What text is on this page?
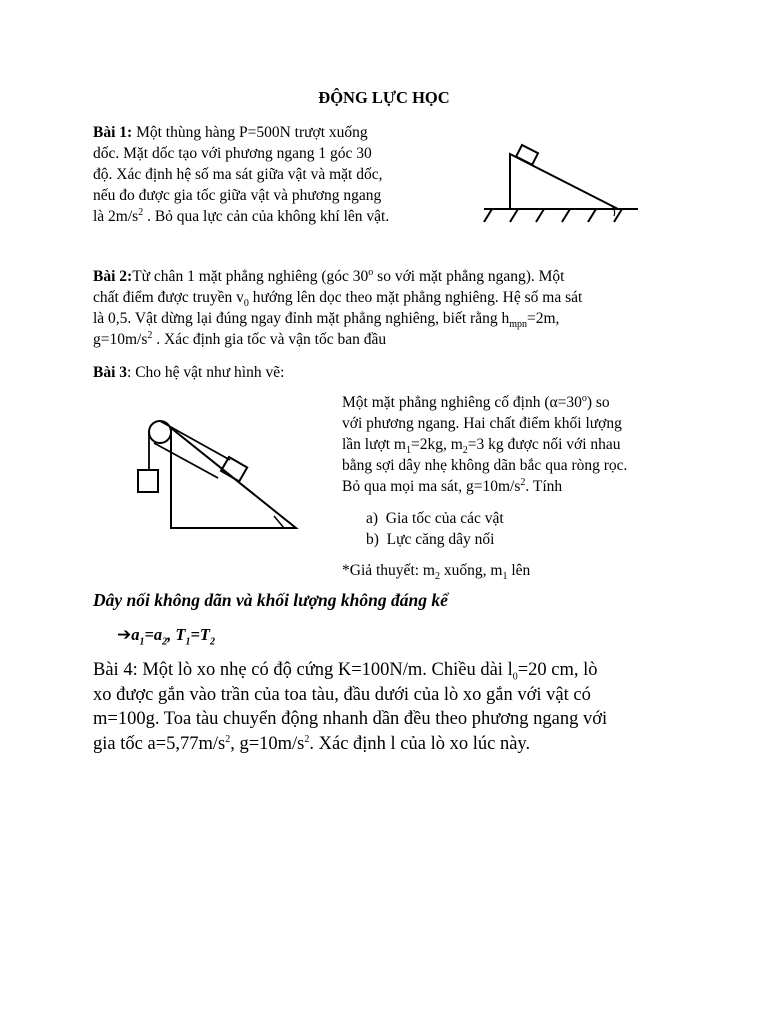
ĐỘNG LỰC HỌC

Bài 1: Một thùng hàng P=500N trượt xuống

dốc. Mặt dốc tạo với phương ngang 1 góc 30

độ. Xác định hệ số ma sát giữa vật và mặt dốc,

nếu đo được gia tốc giữa vật và phương ngang

là $2m/s^2$ . Bỏ qua lực cản của không khí lên vật.

Bài 2:Từ chân 1 mặt phẳng nghiêng (góc 30$^o$ so với mặt phẳng ngang). Một

chất điểm được truyền $v_0$ hướng lên dọc theo mặt phẳng nghiêng. Hệ số ma sát

là 0,5. Vật dừng lại đúng ngay đỉnh mặt phẳng nghiêng, biết rằng $h_{mpn}=2m$,

$g=10m/s^2$ . Xác định gia tốc và vận tốc ban đầu

Bài 3: Cho hệ vật như hình vẽ:

Một mặt phẳng nghiêng cố định $(\alpha=30^o)$ so

với phương ngang. Hai chất điểm khối lượng

lần lượt $m_1=2kg$, $m_2=3$ kg được nối với nhau

bằng sợi dây nhẹ không dãn bắc qua ròng rọc.

Bỏ qua mọi ma sát, $g=10m/s^2$. Tính

a) Gia tốc của các vật

b) Lực căng dây nối

*Giả thuyết: $m_2$ xuống, $m_1$ lên

Dây nối không dãn và khối lượng không đáng kể
$➔a_1=a_2$, $T_1=T_2$
Bài 4: Một lò xo nhẹ có độ cứng K=100N/m. Chiều dài $l_0=20$ cm, lò
xo được gắn vào trần của toa tàu, đầu dưới của lò xo gắn với vật có
m=100g. Toa tàu chuyển động nhanh dần đều theo phương ngang với
gia tốc $a=5,77m/s^2$, $g=10m/s^2$. Xác định l của lò xo lúc này.
